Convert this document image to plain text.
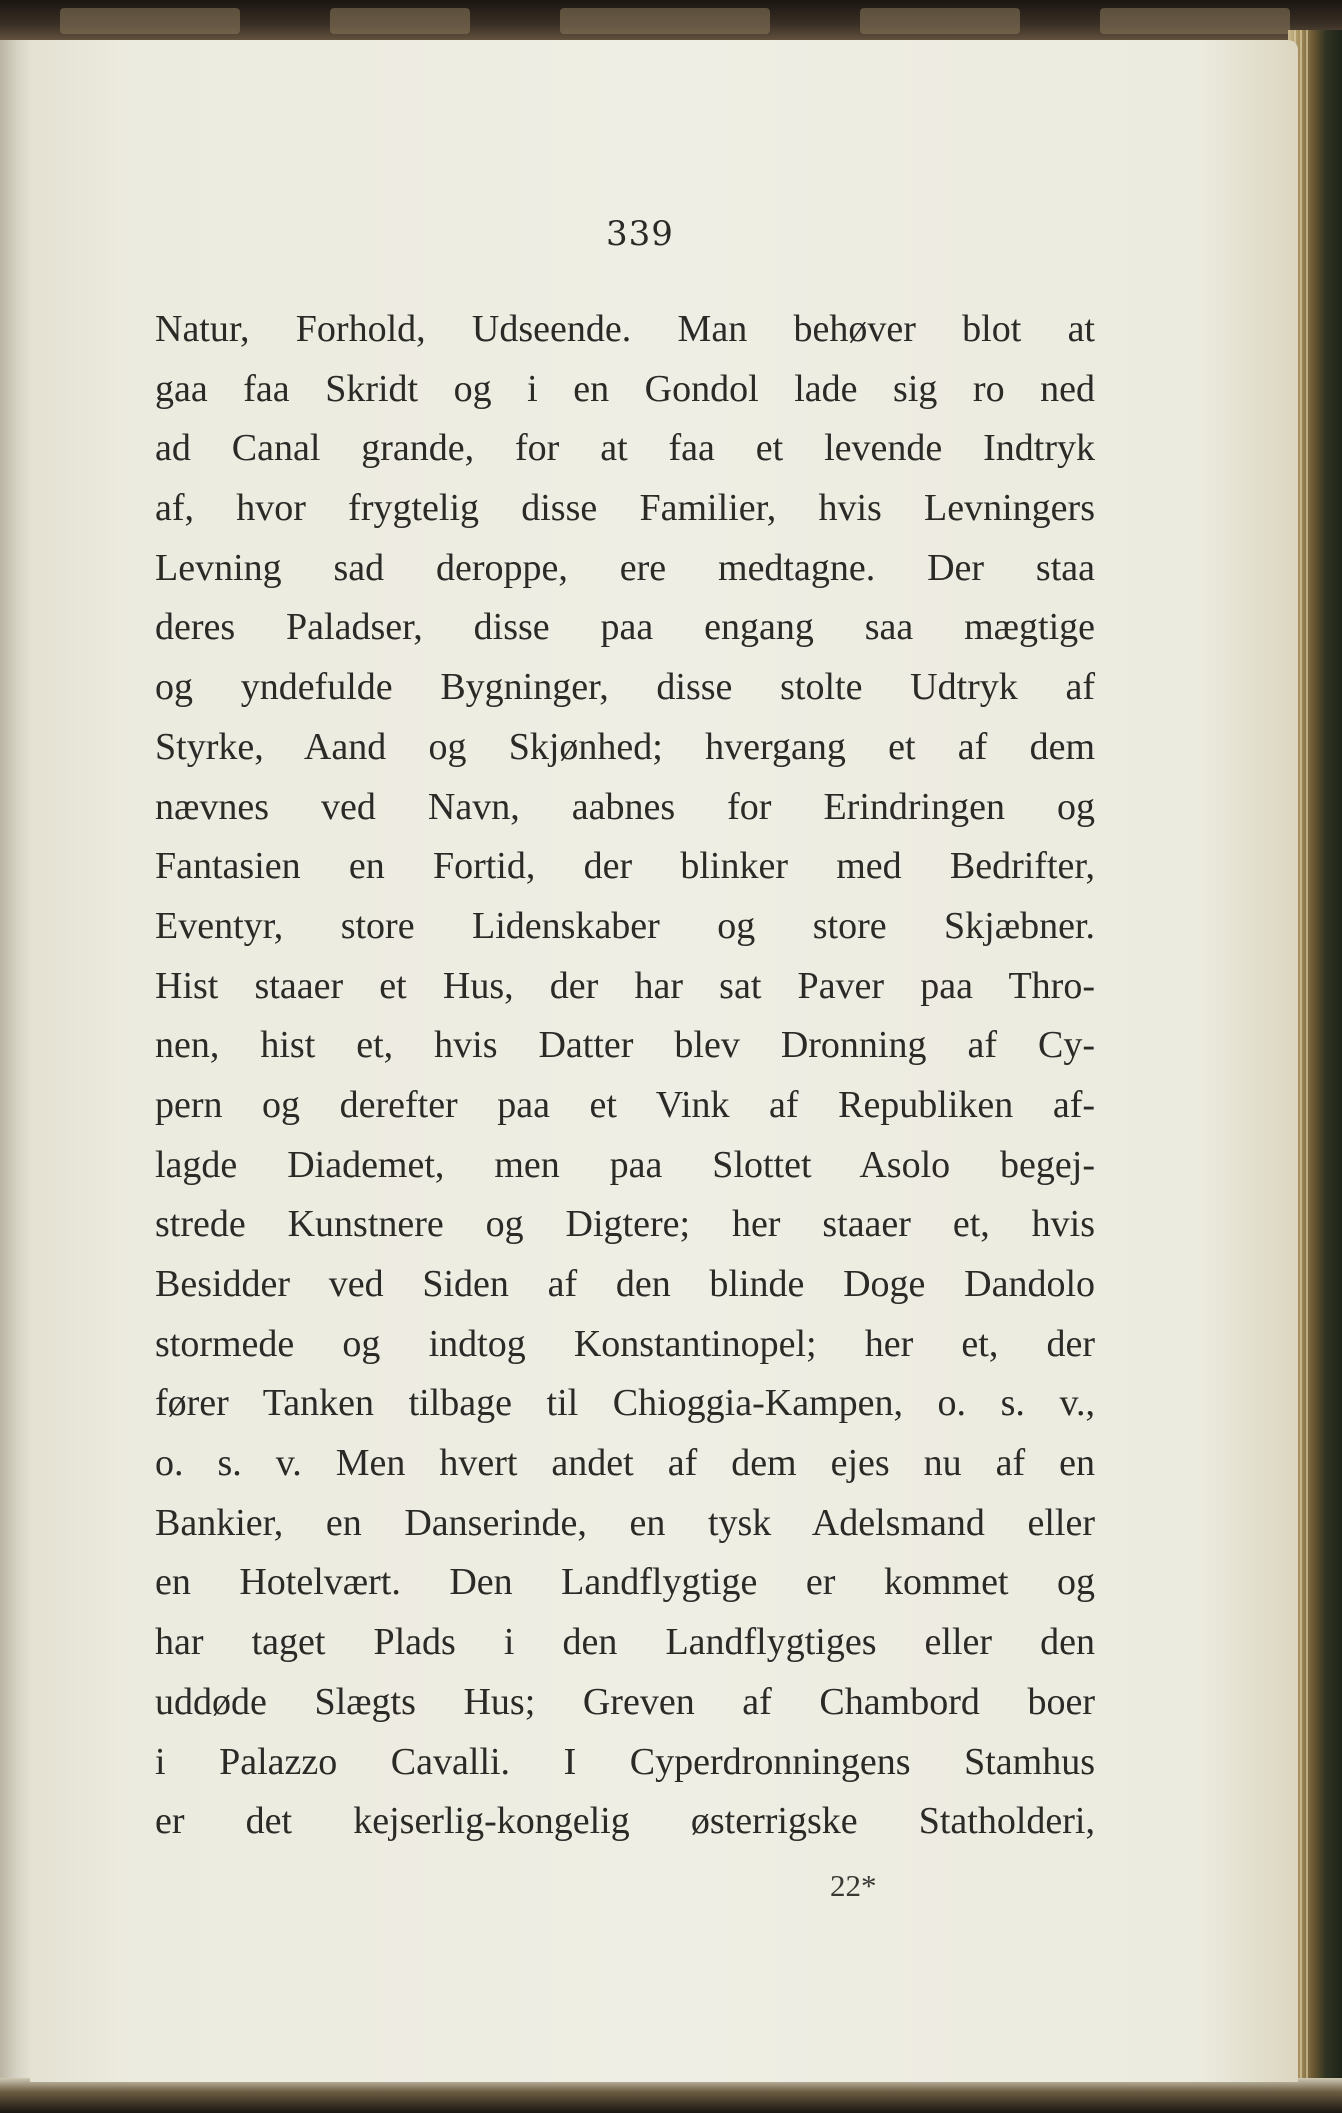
339
Natur, Forhold, Udseende. Man behøver blot at
gaa faa Skridt og i en Gondol lade sig ro ned
ad Canal grande, for at faa et levende Indtryk
af, hvor frygtelig disse Familier, hvis Levningers
Levning sad deroppe, ere medtagne. Der staa
deres Paladser, disse paa engang saa mægtige
og yndefulde Bygninger, disse stolte Udtryk af
Styrke, Aand og Skjønhed; hvergang et af dem
nævnes ved Navn, aabnes for Erindringen og
Fantasien en Fortid, der blinker med Bedrifter,
Eventyr, store Lidenskaber og store Skjæbner.
Hist staaer et Hus, der har sat Paver paa Thro-
nen, hist et, hvis Datter blev Dronning af Cy-
pern og derefter paa et Vink af Republiken af-
lagde Diademet, men paa Slottet Asolo begej-
strede Kunstnere og Digtere; her staaer et, hvis
Besidder ved Siden af den blinde Doge Dandolo
stormede og indtog Konstantinopel; her et, der
fører Tanken tilbage til Chioggia-Kampen, o. s. v.,
o. s. v. Men hvert andet af dem ejes nu af en
Bankier, en Danserinde, en tysk Adelsmand eller
en Hotelvært. Den Landflygtige er kommet og
har taget Plads i den Landflygtiges eller den
uddøde Slægts Hus; Greven af Chambord boer
i Palazzo Cavalli. I Cyperdronningens Stamhus
er det kejserlig-kongelig østerrigske Statholderi,
22*
